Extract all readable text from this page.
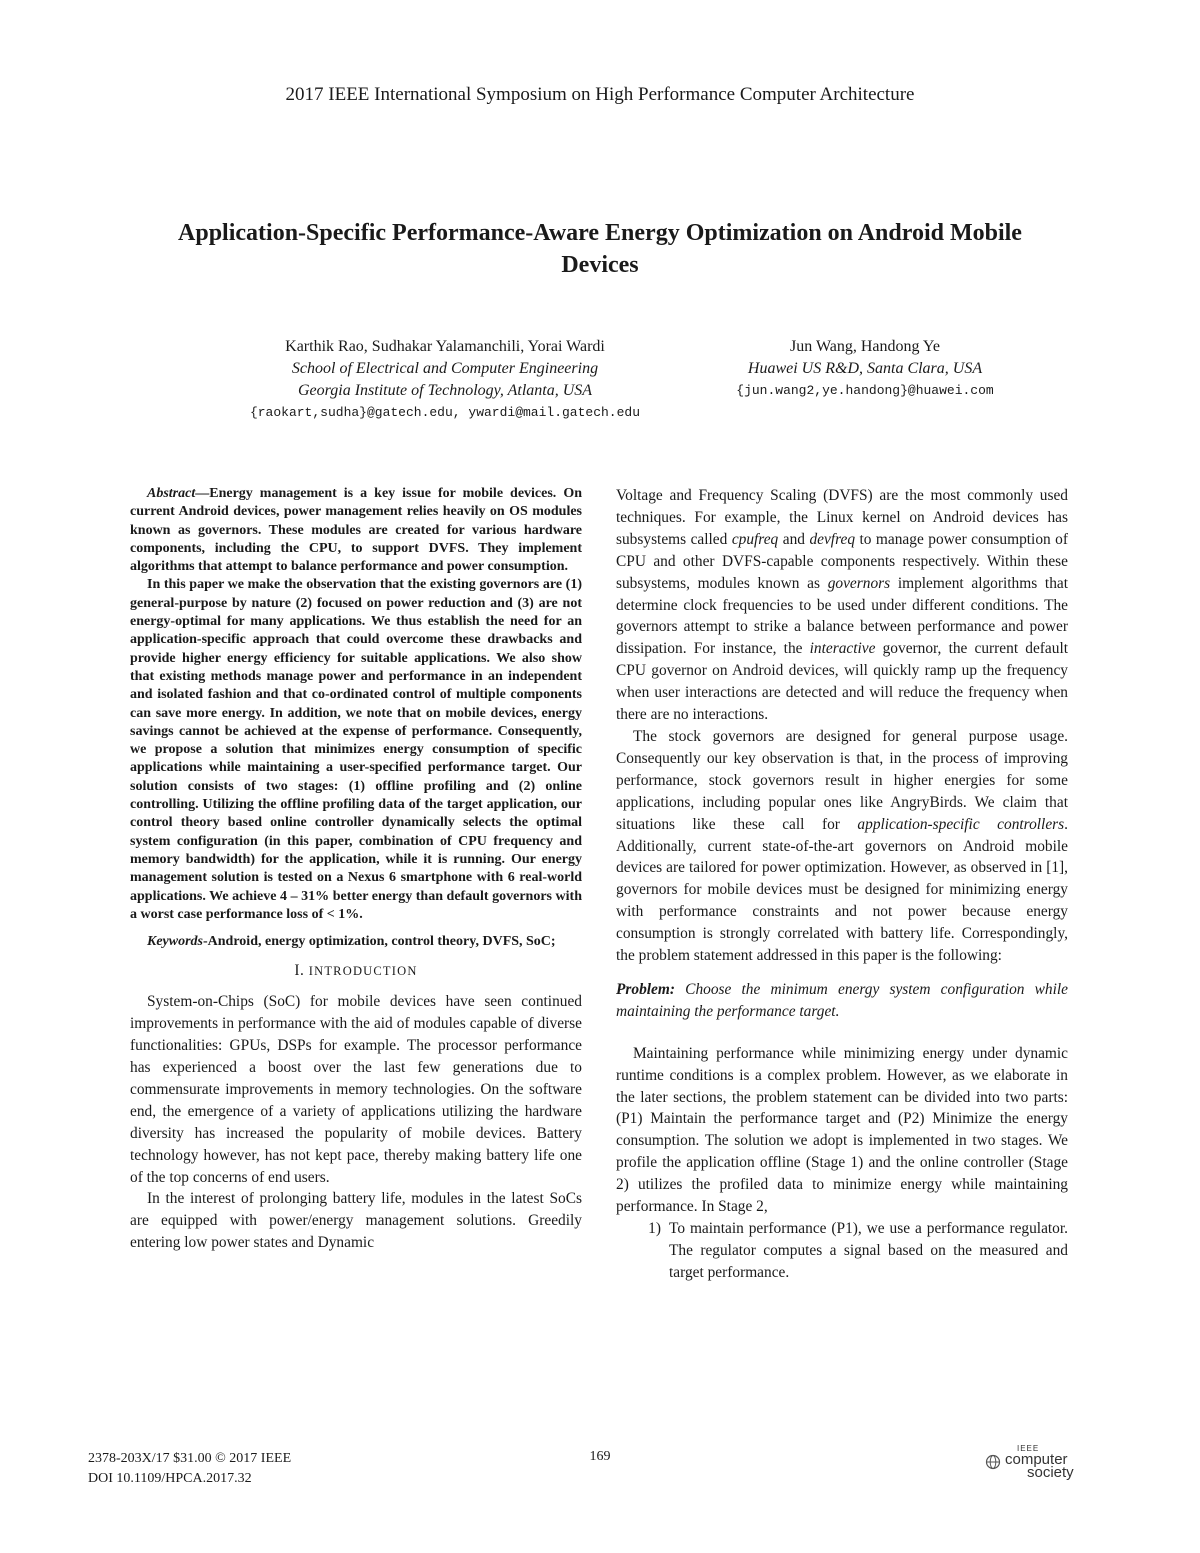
2017 IEEE International Symposium on High Performance Computer Architecture
Application-Specific Performance-Aware Energy Optimization on Android Mobile
Devices
Karthik Rao, Sudhakar Yalamanchili, Yorai Wardi
School of Electrical and Computer Engineering
Georgia Institute of Technology, Atlanta, USA
{raokart,sudha}@gatech.edu, ywardi@mail.gatech.edu
Jun Wang, Handong Ye
Huawei US R&D, Santa Clara, USA
{jun.wang2,ye.handong}@huawei.com

Abstract—Energy management is a key issue for mobile devices. On current Android devices, power management relies heavily on OS modules known as governors. These modules are created for various hardware components, including the CPU, to support DVFS. They implement algorithms that attempt to balance performance and power consumption.

In this paper we make the observation that the existing governors are (1) general-purpose by nature (2) focused on power reduction and (3) are not energy-optimal for many applications. We thus establish the need for an application-specific approach that could overcome these drawbacks and provide higher energy efficiency for suitable applications. We also show that existing methods manage power and performance in an independent and isolated fashion and that co-ordinated control of multiple components can save more energy. In addition, we note that on mobile devices, energy savings cannot be achieved at the expense of performance. Consequently, we propose a solution that minimizes energy consumption of specific applications while maintaining a user-specified performance target. Our solution consists of two stages: (1) offline profiling and (2) online controlling. Utilizing the offline profiling data of the target application, our control theory based online controller dynamically selects the optimal system configuration (in this paper, combination of CPU frequency and memory bandwidth) for the application, while it is running. Our energy management solution is tested on a Nexus 6 smartphone with 6 real-world applications. We achieve 4 – 31% better energy than default governors with a worst case performance loss of < 1%.

Keywords-Android, energy optimization, control theory, DVFS, SoC;

I. INTRODUCTION

System-on-Chips (SoC) for mobile devices have seen continued improvements in performance with the aid of modules capable of diverse functionalities: GPUs, DSPs for example. The processor performance has experienced a boost over the last few generations due to commensurate improvements in memory technologies. On the software end, the emergence of a variety of applications utilizing the hardware diversity has increased the popularity of mobile devices. Battery technology however, has not kept pace, thereby making battery life one of the top concerns of end users.

In the interest of prolonging battery life, modules in the latest SoCs are equipped with power/energy management solutions. Greedily entering low power states and Dynamic

Voltage and Frequency Scaling (DVFS) are the most commonly used techniques. For example, the Linux kernel on Android devices has subsystems called cpufreq and devfreq to manage power consumption of CPU and other DVFS-capable components respectively. Within these subsystems, modules known as governors implement algorithms that determine clock frequencies to be used under different conditions. The governors attempt to strike a balance between performance and power dissipation. For instance, the interactive governor, the current default CPU governor on Android devices, will quickly ramp up the frequency when user interactions are detected and will reduce the frequency when there are no interactions.

The stock governors are designed for general purpose usage. Consequently our key observation is that, in the process of improving performance, stock governors result in higher energies for some applications, including popular ones like AngryBirds. We claim that situations like these call for application-specific controllers. Additionally, current state-of-the-art governors on Android mobile devices are tailored for power optimization. However, as observed in [1], governors for mobile devices must be designed for minimizing energy with performance constraints and not power because energy consumption is strongly correlated with battery life. Correspondingly, the problem statement addressed in this paper is the following:

Problem: Choose the minimum energy system configuration while maintaining the performance target.

Maintaining performance while minimizing energy under dynamic runtime conditions is a complex problem. However, as we elaborate in the later sections, the problem statement can be divided into two parts: (P1) Maintain the performance target and (P2) Minimize the energy consumption. The solution we adopt is implemented in two stages. We profile the application offline (Stage 1) and the online controller (Stage 2) utilizes the profiled data to minimize energy while maintaining performance. In Stage 2,

1) To maintain performance (P1), we use a performance regulator. The regulator computes a signal based on the measured and target performance.
2378-203X/17 $31.00 © 2017 IEEE
DOI 10.1109/HPCA.2017.32
169
IEEE
computer
society
